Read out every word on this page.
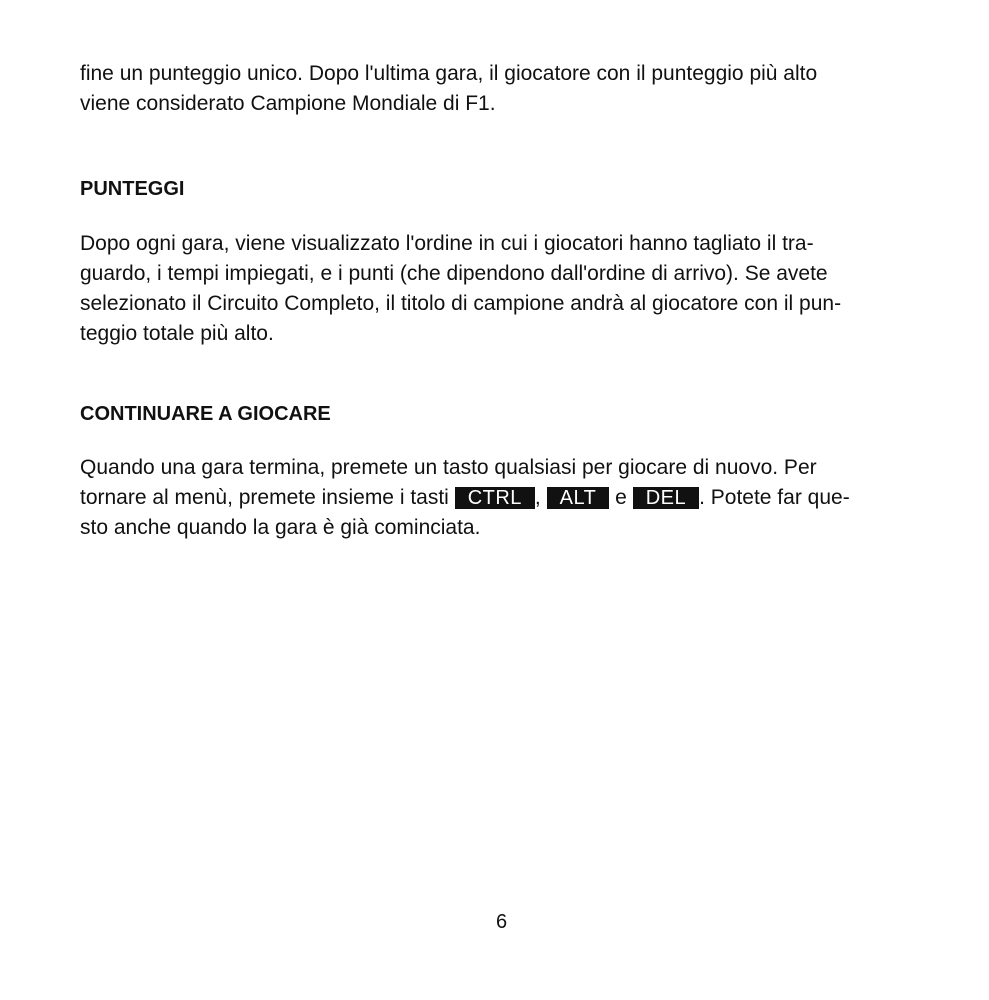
fine un punteggio unico. Dopo l'ultima gara, il giocatore con il punteggio più alto
viene considerato Campione Mondiale di F1.
PUNTEGGI
Dopo ogni gara, viene visualizzato l'ordine in cui i giocatori hanno tagliato il tra-
guardo, i tempi impiegati, e i punti (che dipendono dall'ordine di arrivo). Se avete
selezionato il Circuito Completo, il titolo di campione andrà al giocatore con il pun-
teggio totale più alto.
CONTINUARE A GIOCARE
Quando una gara termina, premete un tasto qualsiasi per giocare di nuovo. Per
tornare al menù, premete insieme i tasti CTRL , ALT e DEL . Potete far que-
sto anche quando la gara è già cominciata.
6
